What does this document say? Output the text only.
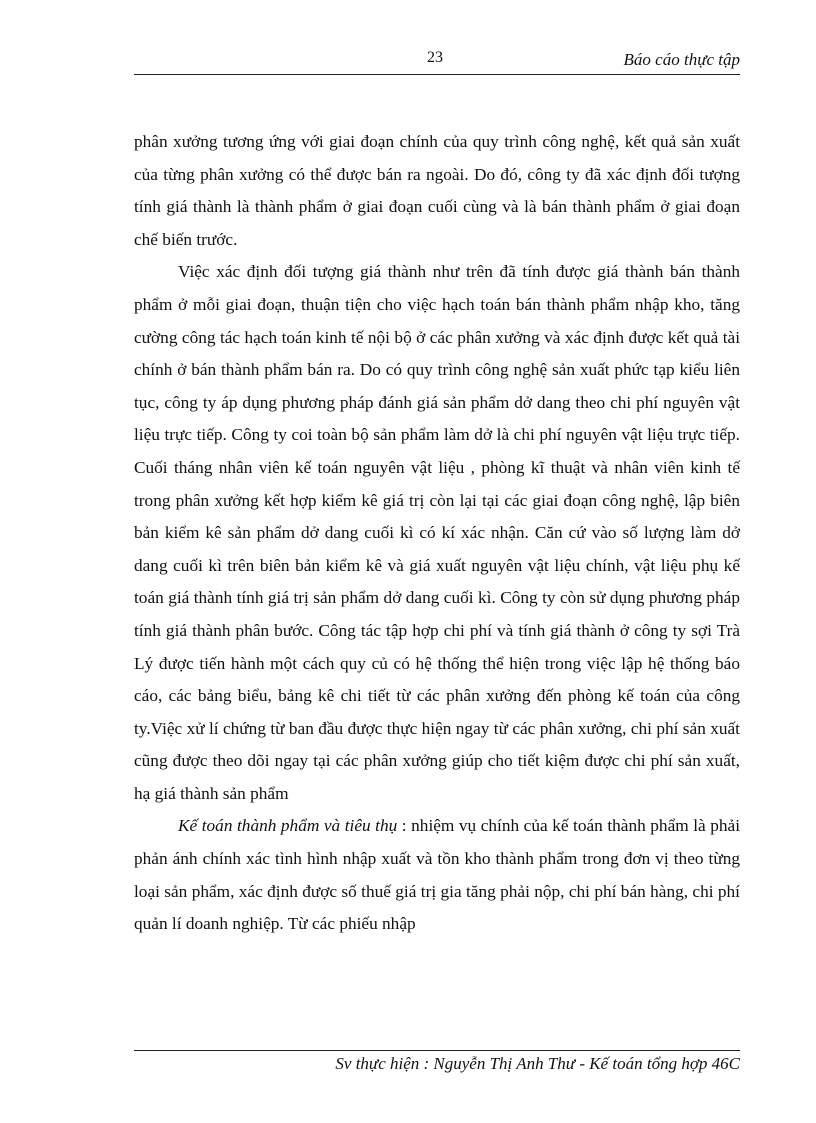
23	Báo cáo thực tập

phân xưởng tương ứng với giai đoạn chính của quy trình công nghệ, kết quả sản xuất của từng phân xưởng có thể được bán ra ngoài. Do đó, công ty đã xác định đối tượng tính giá thành là thành phẩm ở giai đoạn cuối cùng và là bán thành phẩm ở giai đoạn chế biến trước.

Việc xác định đối tượng giá thành như trên đã tính được giá thành bán thành phẩm ở mỗi giai đoạn, thuận tiện cho việc hạch toán bán thành phẩm nhập kho, tăng cường công tác hạch toán kinh tế nội bộ ở các phân xưởng và xác định được kết quả tài chính ở bán thành phẩm bán ra. Do có quy trình công nghệ sản xuất phức tạp kiểu liên tục, công ty áp dụng phương pháp đánh giá sản phẩm dở dang theo chi phí nguyên vật liệu trực tiếp. Công ty coi toàn bộ sản phẩm làm dở là chi phí nguyên vật liệu trực tiếp. Cuối tháng nhân viên kế toán nguyên vật liệu , phòng kĩ thuật và nhân viên kinh tế trong phân xưởng kết hợp kiểm kê giá trị còn lại tại các giai đoạn công nghệ, lập biên bản kiểm kê sản phẩm dở dang cuối kì có kí xác nhận. Căn cứ vào số lượng làm dở dang cuối kì trên biên bản kiểm kê và giá xuất nguyên vật liệu chính, vật liệu phụ kế toán giá thành tính giá trị sản phẩm dở dang cuối kì. Công ty còn sử dụng phương pháp tính giá thành phân bước. Công tác tập hợp chi phí và tính giá thành ở công ty sợi Trà Lý được tiến hành một cách quy củ có hệ thống thể hiện trong việc lập hệ thống báo cáo, các bảng biểu, bảng kê chi tiết từ các phân xưởng đến phòng kế toán của công ty.Việc xử lí chứng từ ban đầu được thực hiện ngay từ các phân xưởng, chi phí sản xuất cũng được theo dõi ngay tại các phân xưởng giúp cho tiết kiệm được chi phí sản xuất, hạ giá thành sản phẩm

Kế toán thành phẩm và tiêu thụ : nhiệm vụ chính của kế toán thành phẩm là phải phản ánh chính xác tình hình nhập xuất và tồn kho thành phẩm trong đơn vị theo từng loại sản phẩm, xác định được số thuế giá trị gia tăng phải nộp, chi phí bán hàng, chi phí quản lí doanh nghiệp. Từ các phiếu nhập

Sv thực hiện : Nguyễn Thị Anh Thư - Kế toán tổng hợp 46C
